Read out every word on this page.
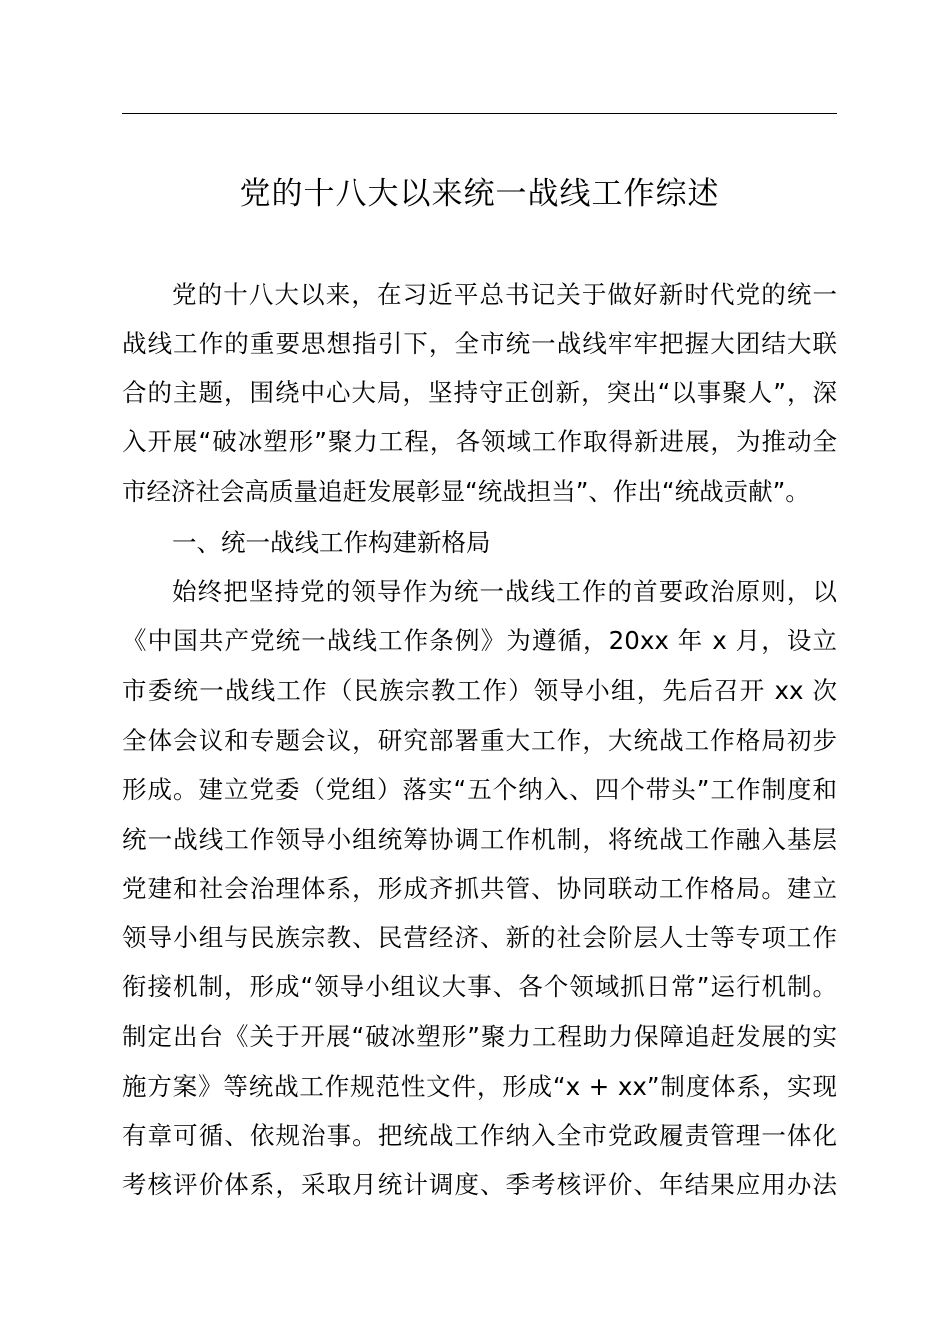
党的十八大以来统一战线工作综述
党的十八大以来，在习近平总书记关于做好新时代党的统一
战线工作的重要思想指引下，全市统一战线牢牢把握大团结大联
合的主题，围绕中心大局，坚持守正创新，突出“以事聚人”，深
入开展“破冰塑形”聚力工程，各领域工作取得新进展，为推动全
市经济社会高质量追赶发展彰显“统战担当”、作出“统战贡献”。
一、统一战线工作构建新格局
始终把坚持党的领导作为统一战线工作的首要政治原则，以
《中国共产党统一战线工作条例》为遵循，20xx 年 x 月，设立
市委统一战线工作（民族宗教工作）领导小组，先后召开 xx 次
全体会议和专题会议，研究部署重大工作，大统战工作格局初步
形成。建立党委（党组）落实“五个纳入、四个带头”工作制度和
统一战线工作领导小组统筹协调工作机制，将统战工作融入基层
党建和社会治理体系，形成齐抓共管、协同联动工作格局。建立
领导小组与民族宗教、民营经济、新的社会阶层人士等专项工作
衔接机制，形成“领导小组议大事、各个领域抓日常”运行机制。
制定出台《关于开展“破冰塑形”聚力工程助力保障追赶发展的实
施方案》等统战工作规范性文件，形成“x + xx”制度体系，实现
有章可循、依规治事。把统战工作纳入全市党政履责管理一体化
考核评价体系，采取月统计调度、季考核评价、年结果应用办法
